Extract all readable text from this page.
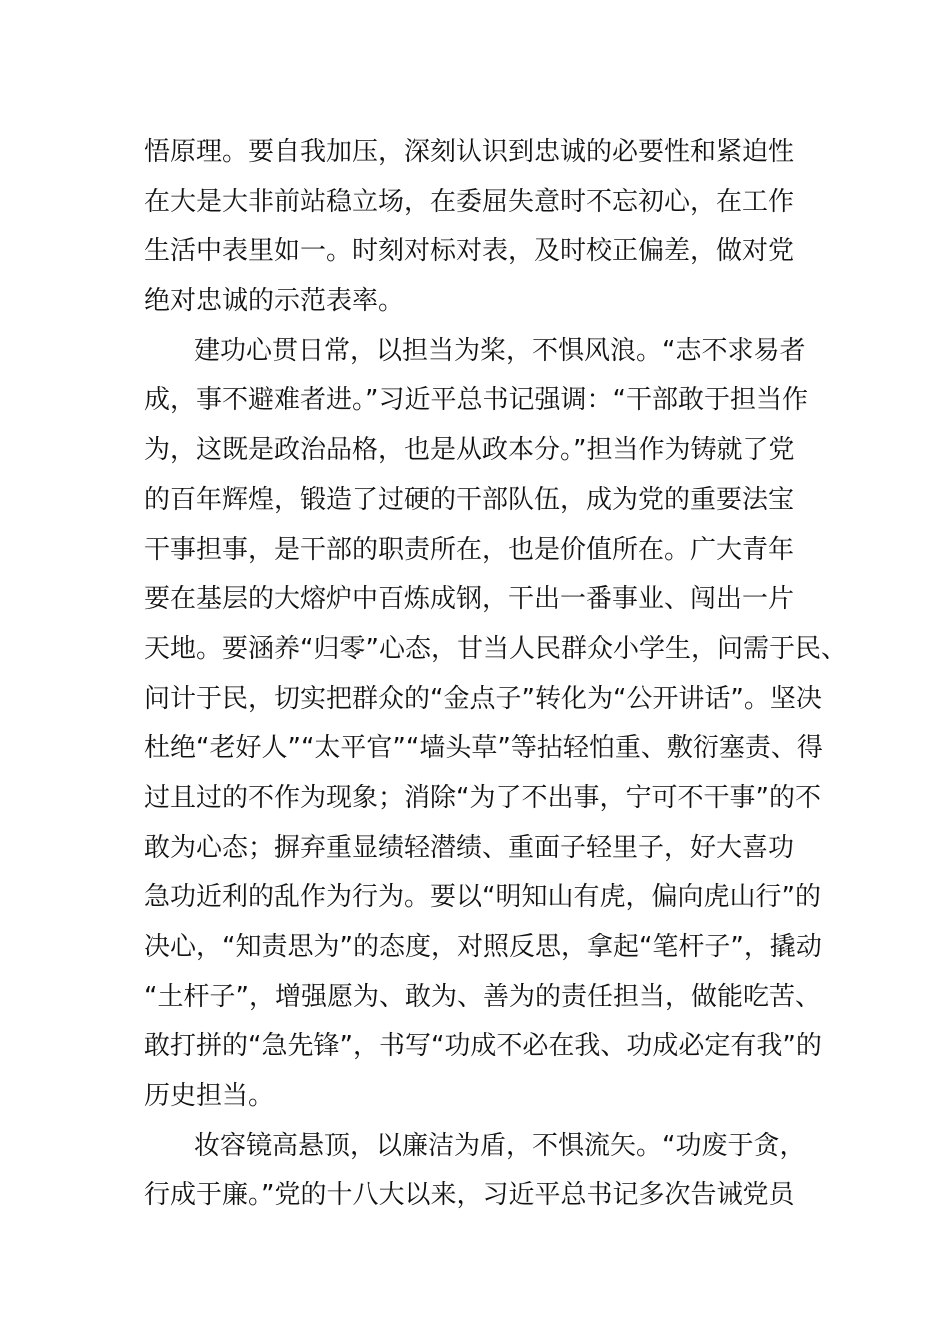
悟原理。要自我加压，深刻认识到忠诚的必要性和紧迫性
在大是大非前站稳立场，在委屈失意时不忘初心，在工作
生活中表里如一。时刻对标对表，及时校正偏差，做对党
绝对忠诚的示范表率。
建功心贯日常，以担当为桨，不惧风浪。“志不求易者
成，事不避难者进。”习近平总书记强调：“干部敢于担当作
为，这既是政治品格，也是从政本分。”担当作为铸就了党
的百年辉煌，锻造了过硬的干部队伍，成为党的重要法宝
干事担事，是干部的职责所在，也是价值所在。广大青年
要在基层的大熔炉中百炼成钢，干出一番事业、闯出一片
天地。要涵养“归零”心态，甘当人民群众小学生，问需于民、
问计于民，切实把群众的“金点子”转化为“公开讲话”。坚决
杜绝“老好人”“太平官”“墙头草”等拈轻怕重、敷衍塞责、得
过且过的不作为现象；消除“为了不出事，宁可不干事”的不
敢为心态；摒弃重显绩轻潜绩、重面子轻里子，好大喜功
急功近利的乱作为行为。要以“明知山有虎，偏向虎山行”的
决心，“知责思为”的态度，对照反思，拿起“笔杆子”，撬动
“土杆子”，增强愿为、敢为、善为的责任担当，做能吃苦、
敢打拼的“急先锋”，书写“功成不必在我、功成必定有我”的
历史担当。
妆容镜高悬顶，以廉洁为盾，不惧流矢。“功废于贪，
行成于廉。”党的十八大以来，习近平总书记多次告诫党员
